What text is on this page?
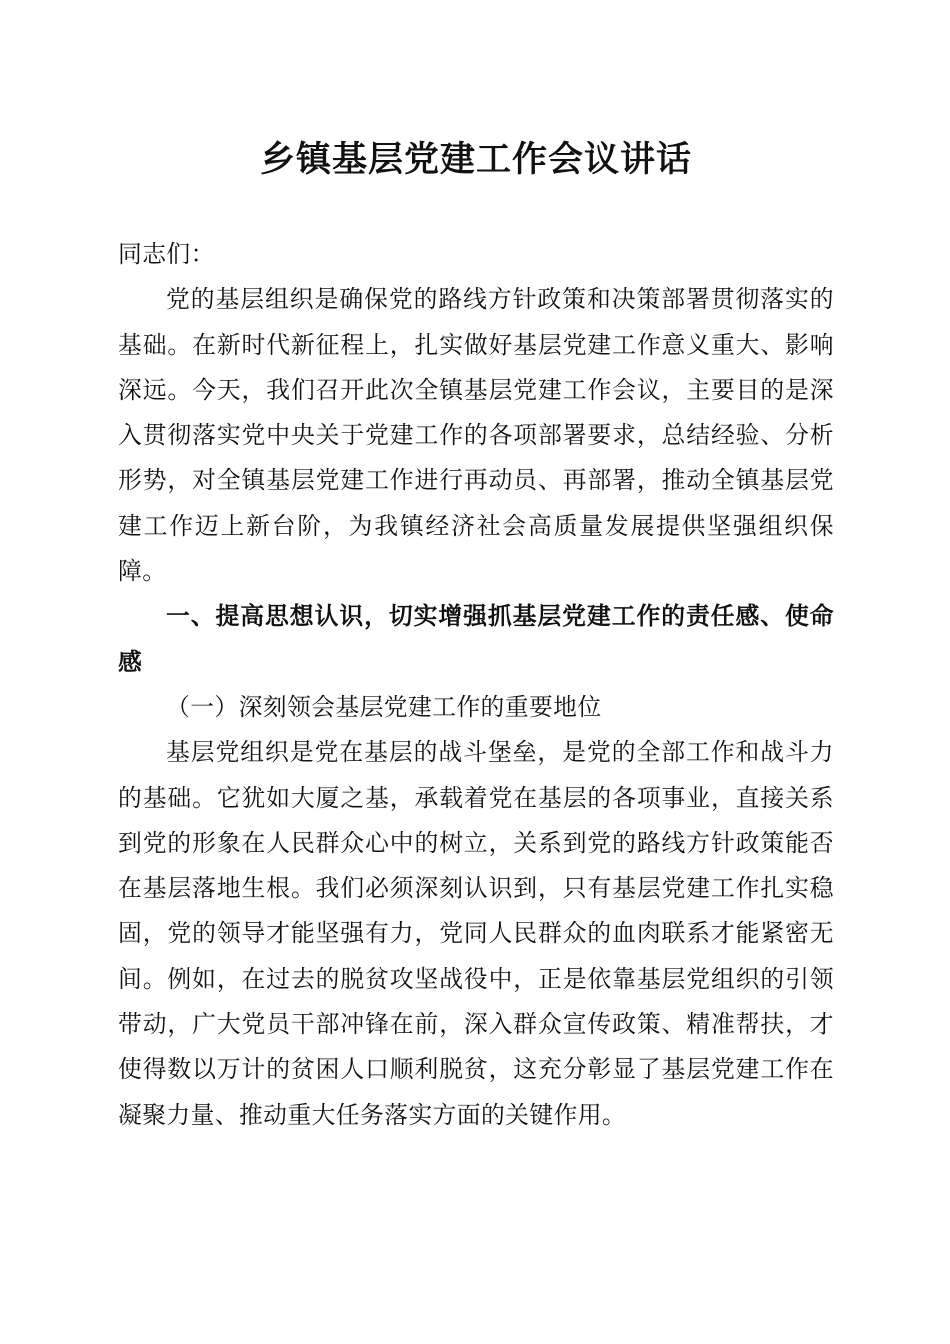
乡镇基层党建工作会议讲话

同志们：

党的基层组织是确保党的路线方针政策和决策部署贯彻落实的基础。在新时代新征程上，扎实做好基层党建工作意义重大、影响深远。今天，我们召开此次全镇基层党建工作会议，主要目的是深入贯彻落实党中央关于党建工作的各项部署要求，总结经验、分析形势，对全镇基层党建工作进行再动员、再部署，推动全镇基层党建工作迈上新台阶，为我镇经济社会高质量发展提供坚强组织保障。

一、提高思想认识，切实增强抓基层党建工作的责任感、使命感

（一）深刻领会基层党建工作的重要地位

基层党组织是党在基层的战斗堡垒，是党的全部工作和战斗力的基础。它犹如大厦之基，承载着党在基层的各项事业，直接关系到党的形象在人民群众心中的树立，关系到党的路线方针政策能否在基层落地生根。我们必须深刻认识到，只有基层党建工作扎实稳固，党的领导才能坚强有力，党同人民群众的血肉联系才能紧密无间。例如，在过去的脱贫攻坚战役中，正是依靠基层党组织的引领带动，广大党员干部冲锋在前，深入群众宣传政策、精准帮扶，才使得数以万计的贫困人口顺利脱贫，这充分彰显了基层党建工作在凝聚力量、推动重大任务落实方面的关键作用。
